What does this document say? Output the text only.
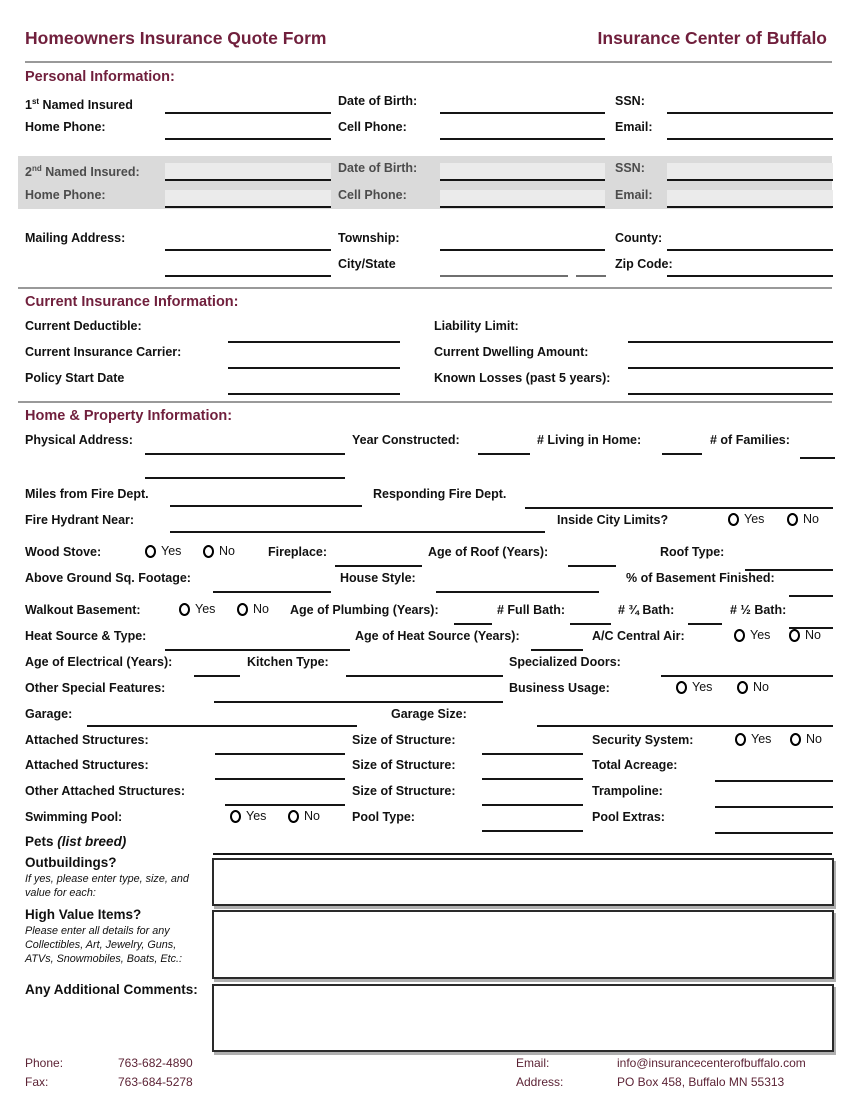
Homeowners Insurance Quote Form	Insurance Center of Buffalo
Personal Information:
1st Named Insured	Date of Birth:	SSN:
Home Phone:	Cell Phone:	Email:
2nd Named Insured:	Date of Birth:	SSN:
Home Phone:	Cell Phone:	Email:
Mailing Address:	Township:	County:
City/State	Zip Code:
Current Insurance Information:
Current Deductible:	Liability Limit:
Current Insurance Carrier:	Current Dwelling Amount:
Policy Start Date	Known Losses (past 5 years):
Home & Property Information:
Physical Address:	Year Constructed:	# Living in Home:	# of Families:
Miles from Fire Dept.	Responding Fire Dept.
Fire Hydrant Near:	Inside City Limits?	Yes	No
Wood Stove:	Yes	No	Fireplace:	Age of Roof (Years):	Roof Type:
Above Ground Sq. Footage:	House Style:	% of Basement Finished:
Walkout Basement:	Yes	No Age of Plumbing (Years):	# Full Bath:	# ¾ Bath:	# ½ Bath:
Heat Source & Type:	Age of Heat Source (Years):	A/C Central Air:	Yes	No
Age of Electrical (Years):	Kitchen Type:	Specialized Doors:
Other Special Features:	Business Usage:	Yes	No
Garage:	Garage Size:
Attached Structures:	Size of Structure:	Security System:	Yes	No
Attached Structures:	Size of Structure:	Total Acreage:
Other Attached Structures:	Size of Structure:	Trampoline:
Swimming Pool:	Yes	No	Pool Type:	Pool Extras:
Pets (list breed)
Outbuildings?
If yes, please enter type, size, and value for each:
High Value Items?
Please enter all details for any Collectibles, Art, Jewelry, Guns, ATVs, Snowmobiles, Boats, Etc.:
Any Additional Comments:
Phone:	763-682-4890
Fax:	763-684-5278
Email:	info@insurancecenterofbuffalo.com
Address:	PO Box 458, Buffalo MN 55313
